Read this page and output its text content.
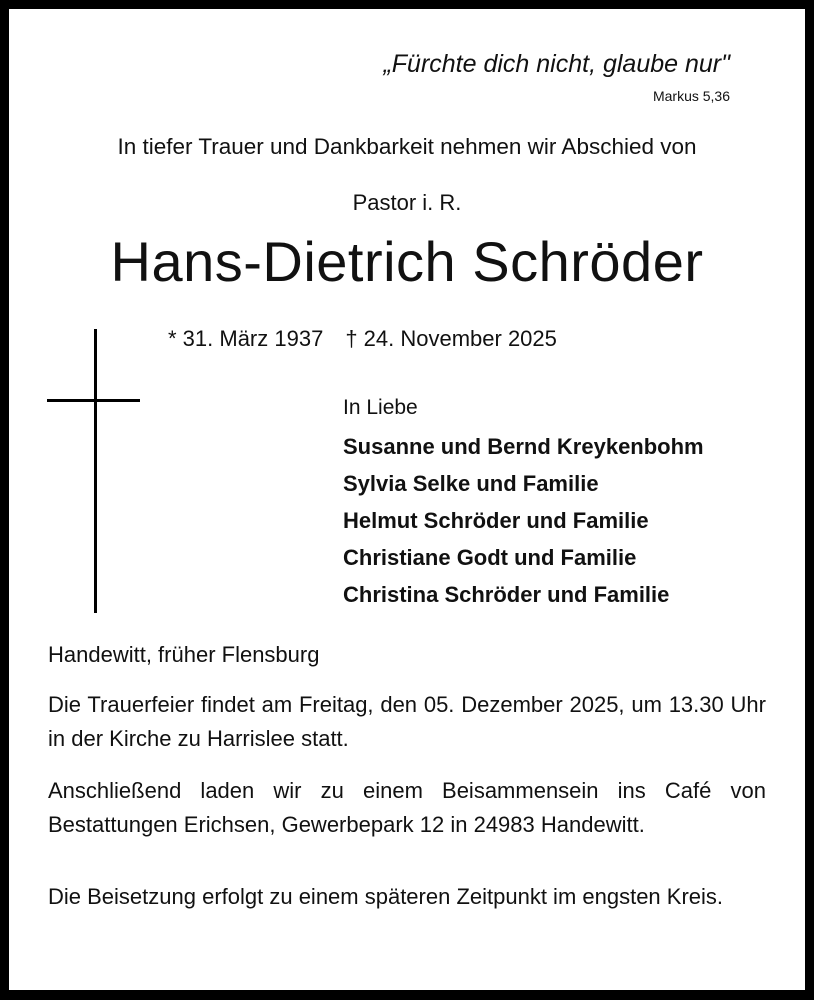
„Fürchte dich nicht, glaube nur"
Markus 5,36
In tiefer Trauer und Dankbarkeit nehmen wir Abschied von
Pastor i. R.
Hans-Dietrich Schröder
* 31. März 1937 † 24. November 2025
In Liebe
Susanne und Bernd Kreykenbohm
Sylvia Selke und Familie
Helmut Schröder und Familie
Christiane Godt und Familie
Christina Schröder und Familie
Handewitt, früher Flensburg
Die Trauerfeier findet am Freitag, den 05. Dezember 2025, um 13.30 Uhr in der Kirche zu Harrislee statt.
Anschließend laden wir zu einem Beisammensein ins Café von Bestattungen Erichsen, Gewerbepark 12 in 24983 Handewitt.
Die Beisetzung erfolgt zu einem späteren Zeitpunkt im engsten Kreis.
